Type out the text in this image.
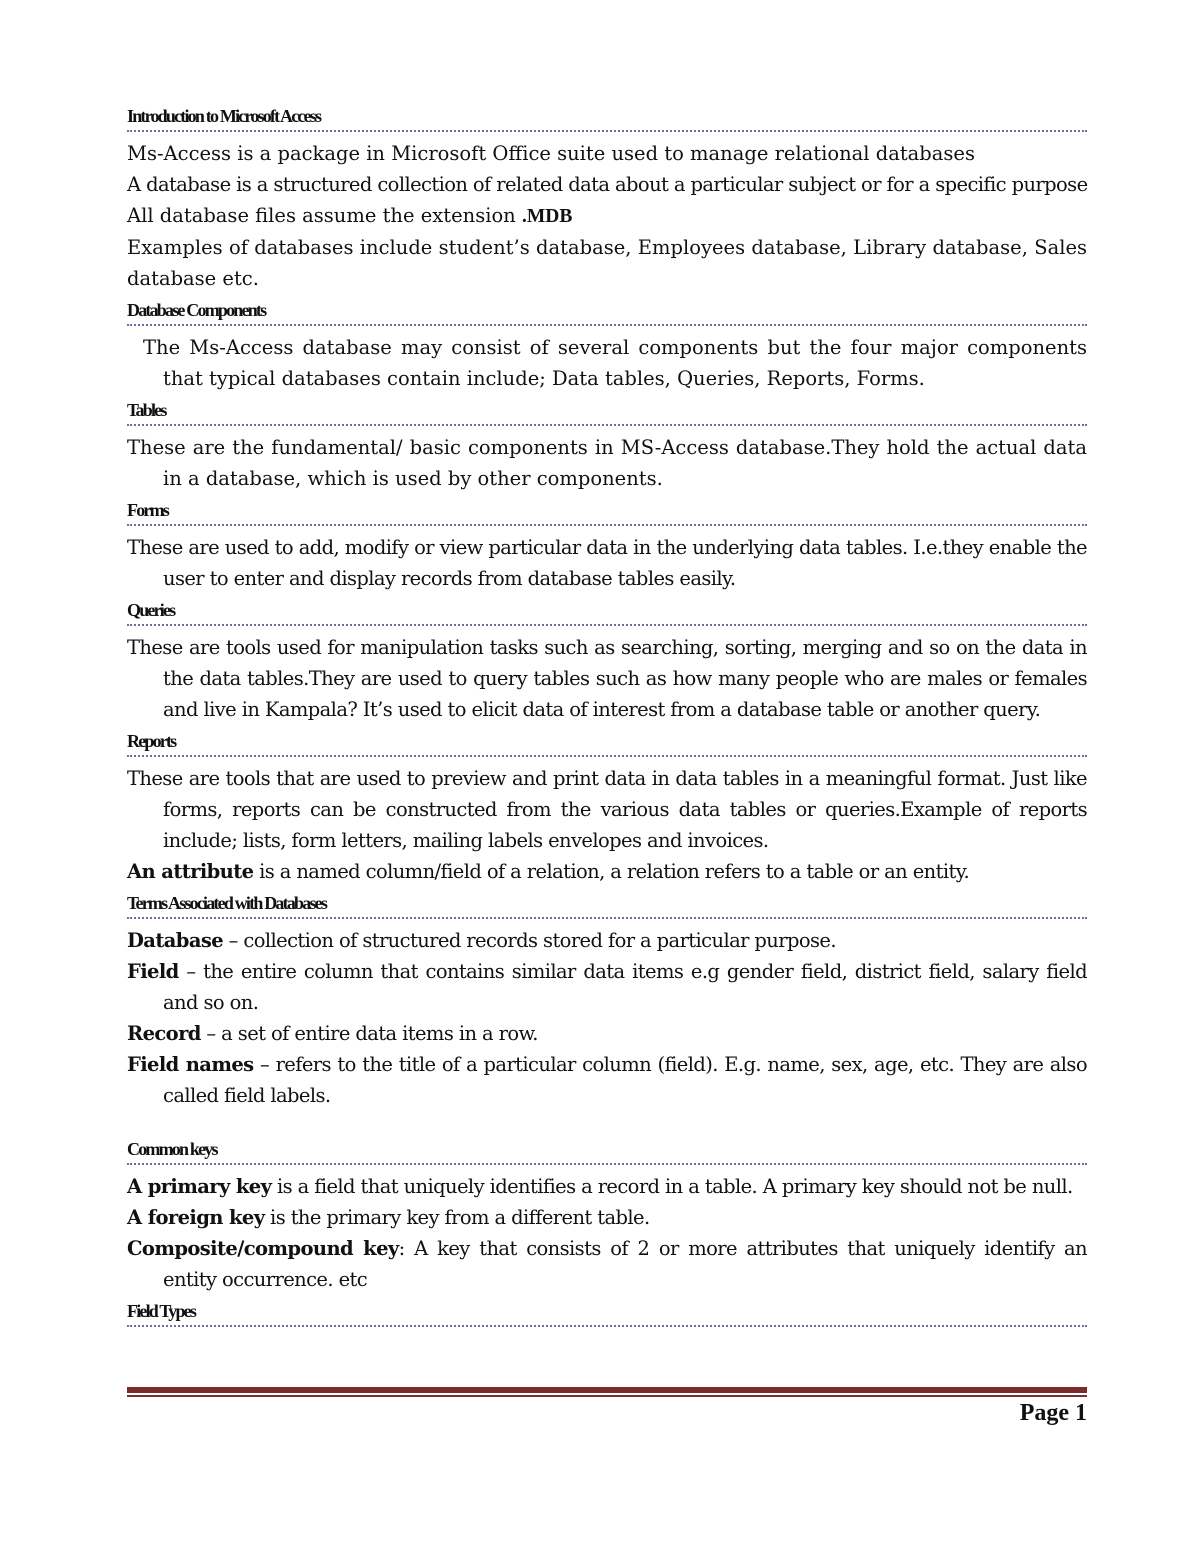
Introduction to Microsoft Access
Ms-Access is a package in Microsoft Office suite used to manage relational databases
A database is a structured collection of related data about a particular subject or for a specific purpose
All database files assume the extension .MDB
Examples of databases include student’s database, Employees database, Library database, Sales database etc.
Database Components
The Ms-Access database may consist of several components but the four major components that typical databases contain include; Data tables, Queries, Reports, Forms.
Tables
These are the fundamental/ basic components in MS-Access database.They hold the actual data in a database, which is used by other components.
Forms
These are used to add, modify or view particular data in the underlying data tables. I.e.they enable the user to enter and display records from database tables easily.
Queries
These are tools used for manipulation tasks such as searching, sorting, merging and so on the data in the data tables.They are used to query tables such as how many people who are males or females and live in Kampala? It’s used to elicit data of interest from a database table or another query.
Reports
These are tools that are used to preview and print data in data tables in a meaningful format. Just like forms, reports can be constructed from the various data tables or queries.Example of reports include; lists, form letters, mailing labels envelopes and invoices.
An attribute is a named column/field of a relation, a relation refers to a table or an entity.
Terms Associated with Databases
Database – collection of structured records stored for a particular purpose.
Field – the entire column that contains similar data items e.g gender field, district field, salary field and so on.
Record – a set of entire data items in a row.
Field names – refers to the title of a particular column (field). E.g. name, sex, age, etc. They are also called field labels.
Common keys
A primary key is a field that uniquely identifies a record in a table. A primary key should not be null.
A foreign key is the primary key from a different table.
Composite/compound key: A key that consists of 2 or more attributes that uniquely identify an entity occurrence. etc
Field Types
Page 1
